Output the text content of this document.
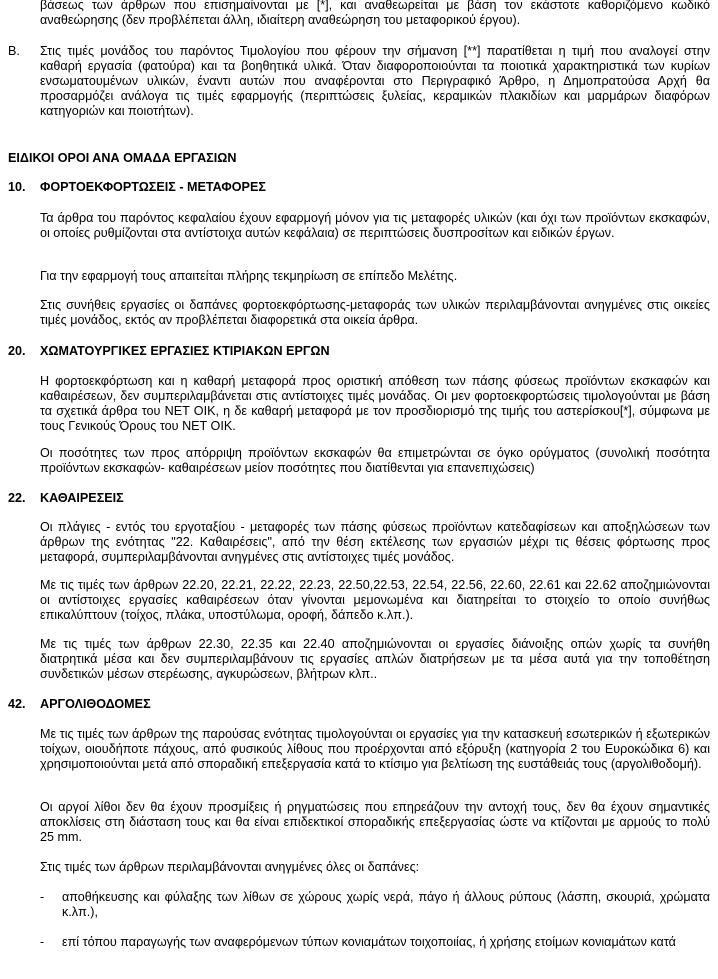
βάσεως των άρθρων που επισημαίνονται με [*], και αναθεωρείται με βάση τον εκάστοτε καθοριζόμενο κωδικό αναθεώρησης (δεν προβλέπεται άλλη, ιδιαίτερη αναθεώρηση του μεταφορικού έργου).

Β. Στις τιμές μονάδος του παρόντος Τιμολογίου που φέρουν την σήμανση [**] παρατίθεται η τιμή που αναλογεί στην καθαρή εργασία (φατούρα) και τα βοηθητικά υλικά. Όταν διαφοροποιούνται τα ποιοτικά χαρακτηριστικά των κυρίων ενσωματουμένων υλικών, έναντι αυτών που αναφέρονται στο Περιγραφικό Άρθρο, η Δημοπρατούσα Αρχή θα προσαρμόζει ανάλογα τις τιμές εφαρμογής (περιπτώσεις ξυλείας, κεραμικών πλακιδίων και μαρμάρων διαφόρων κατηγοριών και ποιοτήτων).

ΕΙΔΙΚΟΙ ΟΡΟΙ ΑΝΑ ΟΜΑΔΑ ΕΡΓΑΣΙΩΝ

10. ΦΟΡΤΟΕΚΦΟΡΤΩΣΕΙΣ - ΜΕΤΑΦΟΡΕΣ

Τα άρθρα του παρόντος κεφαλαίου έχουν εφαρμογή μόνον για τις μεταφορές υλικών (και όχι των προϊόντων εκσκαφών, οι οποίες ρυθμίζονται στα αντίστοιχα αυτών κεφάλαια) σε περιπτώσεις δυσπροσίτων και ειδικών έργων.

Για την εφαρμογή τους απαιτείται πλήρης τεκμηρίωση σε επίπεδο Μελέτης.

Στις συνήθεις εργασίες οι δαπάνες φορτοεκφόρτωσης-μεταφοράς των υλικών περιλαμβάνονται ανηγμένες στις οικείες τιμές μονάδος, εκτός αν προβλέπεται διαφορετικά στα οικεία άρθρα.

20. ΧΩΜΑΤΟΥΡΓΙΚΕΣ ΕΡΓΑΣΙΕΣ ΚΤΙΡΙΑΚΩΝ ΕΡΓΩΝ

Η φορτοεκφόρτωση και η καθαρή μεταφορά προς οριστική απόθεση των πάσης φύσεως προϊόντων εκσκαφών και καθαιρέσεων, δεν συμπεριλαμβάνεται στις αντίστοιχες τιμές μονάδας. Οι μεν φορτοεκφορτώσεις τιμολογούνται με βάση τα σχετικά άρθρα του ΝΕΤ ΟΙΚ, η δε καθαρή μεταφορά με τον προσδιορισμό της τιμής του αστερίσκου[*], σύμφωνα με τους Γενικούς Όρους του ΝΕΤ ΟΙΚ.

Οι ποσότητες των προς απόρριψη προϊόντων εκσκαφών θα επιμετρώνται σε όγκο ορύγματος (συνολική ποσότητα προϊόντων εκσκαφών- καθαιρέσεων μείον ποσότητες που διατίθενται για επανεπιχώσεις)

22. ΚΑΘΑΙΡΕΣΕΙΣ

Οι πλάγιες - εντός του εργοταξίου - μεταφορές των πάσης φύσεως προϊόντων κατεδαφίσεων και αποξηλώσεων των άρθρων της ενότητας "22. Καθαιρέσεις", από την θέση εκτέλεσης των εργασιών μέχρι τις θέσεις φόρτωσης προς μεταφορά, συμπεριλαμβάνονται ανηγμένες στις αντίστοιχες τιμές μονάδος.

Με τις τιμές των άρθρων 22.20, 22.21, 22.22, 22.23, 22.50,22.53, 22.54, 22.56, 22.60, 22.61 και 22.62 αποζημιώνονται οι αντίστοιχες εργασίες καθαιρέσεων όταν γίνονται μεμονωμένα και διατηρείται το στοιχείο το οποίο συνήθως επικαλύπτουν (τοίχος, πλάκα, υποστύλωμα, οροφή, δάπεδο κ.λπ.).

Με τις τιμές των άρθρων 22.30, 22.35 και 22.40 αποζημιώνονται οι εργασίες διάνοιξης οπών χωρίς τα συνήθη διατρητικά μέσα και δεν συμπεριλαμβάνουν τις εργασίες απλών διατρήσεων με τα μέσα αυτά για την τοποθέτηση συνδετικών μέσων στερέωσης, αγκυρώσεων, βλήτρων κλπ..

42. ΑΡΓΟΛΙΘΟΔΟΜΕΣ

Με τις τιμές των άρθρων της παρούσας ενότητας τιμολογούνται οι εργασίες για την κατασκευή εσωτερικών ή εξωτερικών τοίχων, οιουδήποτε πάχους, από φυσικούς λίθους που προέρχονται από εξόρυξη (κατηγορία 2 του Ευροκώδικα 6) και χρησιμοποιούνται μετά από σποραδική επεξεργασία κατά το κτίσιμο για βελτίωση της ευστάθειάς τους (αργολιθοδομή).

Οι αργοί λίθοι δεν θα έχουν προσμίξεις ή ρηγματώσεις που επηρεάζουν την αντοχή τους, δεν θα έχουν σημαντικές αποκλίσεις στη διάσταση τους και θα είναι επιδεκτικοί σποραδικής επεξεργασίας ώστε να κτίζονται με αρμούς το πολύ 25 mm.

Στις τιμές των άρθρων περιλαμβάνονται ανηγμένες όλες οι δαπάνες:

- αποθήκευσης και φύλαξης των λίθων σε χώρους χωρίς νερά, πάγο ή άλλους ρύπους (λάσπη, σκουριά, χρώματα κ.λπ.),

- επί τόπου παραγωγής των αναφερόμενων τύπων κονιαμάτων τοιχοποιίας, ή χρήσης ετοίμων κονιαμάτων κατά
